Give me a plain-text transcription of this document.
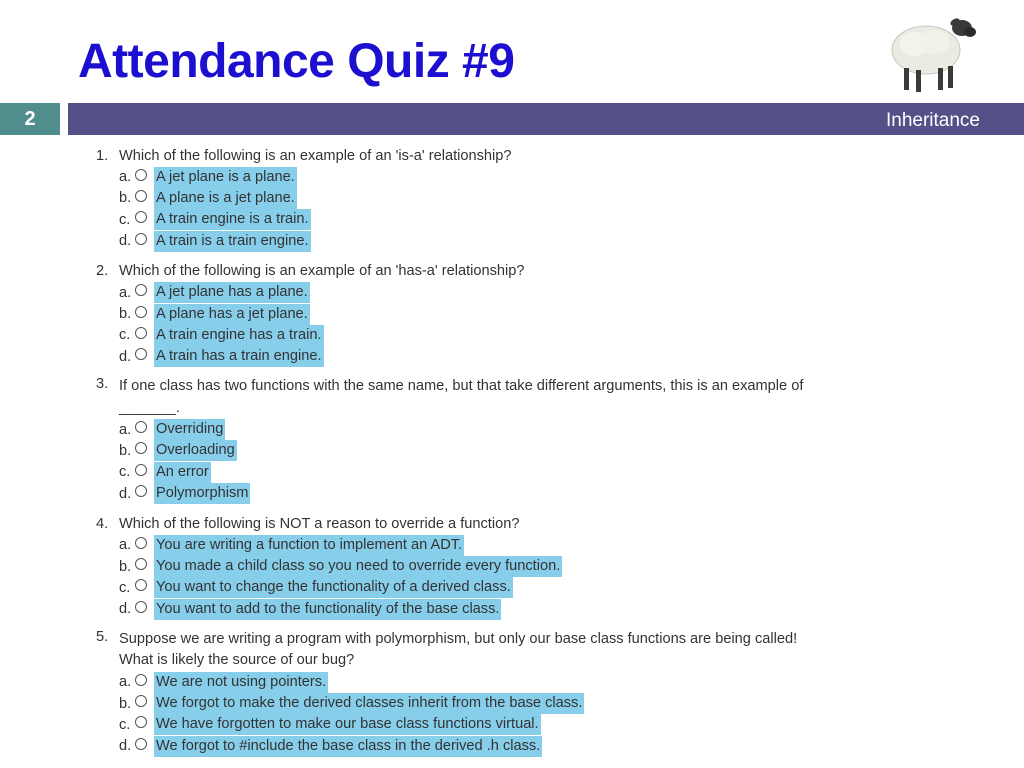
Attendance Quiz #9
2	Inheritance
1. Which of the following is an example of an 'is-a' relationship?
a. A jet plane is a plane.
b. A plane is a jet plane.
c.	A train engine is a train.
d. A train is a train engine.
2. Which of the following is an example of an 'has-a' relationship?
a. A jet plane has a plane.
b. A plane has a jet plane.
c.	A train engine has a train.
d. A train has a train engine.
3. If one class has two functions with the same name, but that take different arguments, this is an example of
_______.
a. Overriding
b. Overloading
c.	An error
d. Polymorphism
4. Which of the following is NOT a reason to override a function?
a. You are writing a function to implement an ADT.
b. You made a child class so you need to override every function.
c.	You want to change the functionality of a derived class.
d. You want to add to the functionality of the base class.
5. Suppose we are writing a program with polymorphism, but only our base class functions are being called!
What is likely the source of our bug?
a. We are not using pointers.
b. We forgot to make the derived classes inherit from the base class.
c.	We have forgotten to make our base class functions virtual.
d. We forgot to #include the base class in the derived .h class.
